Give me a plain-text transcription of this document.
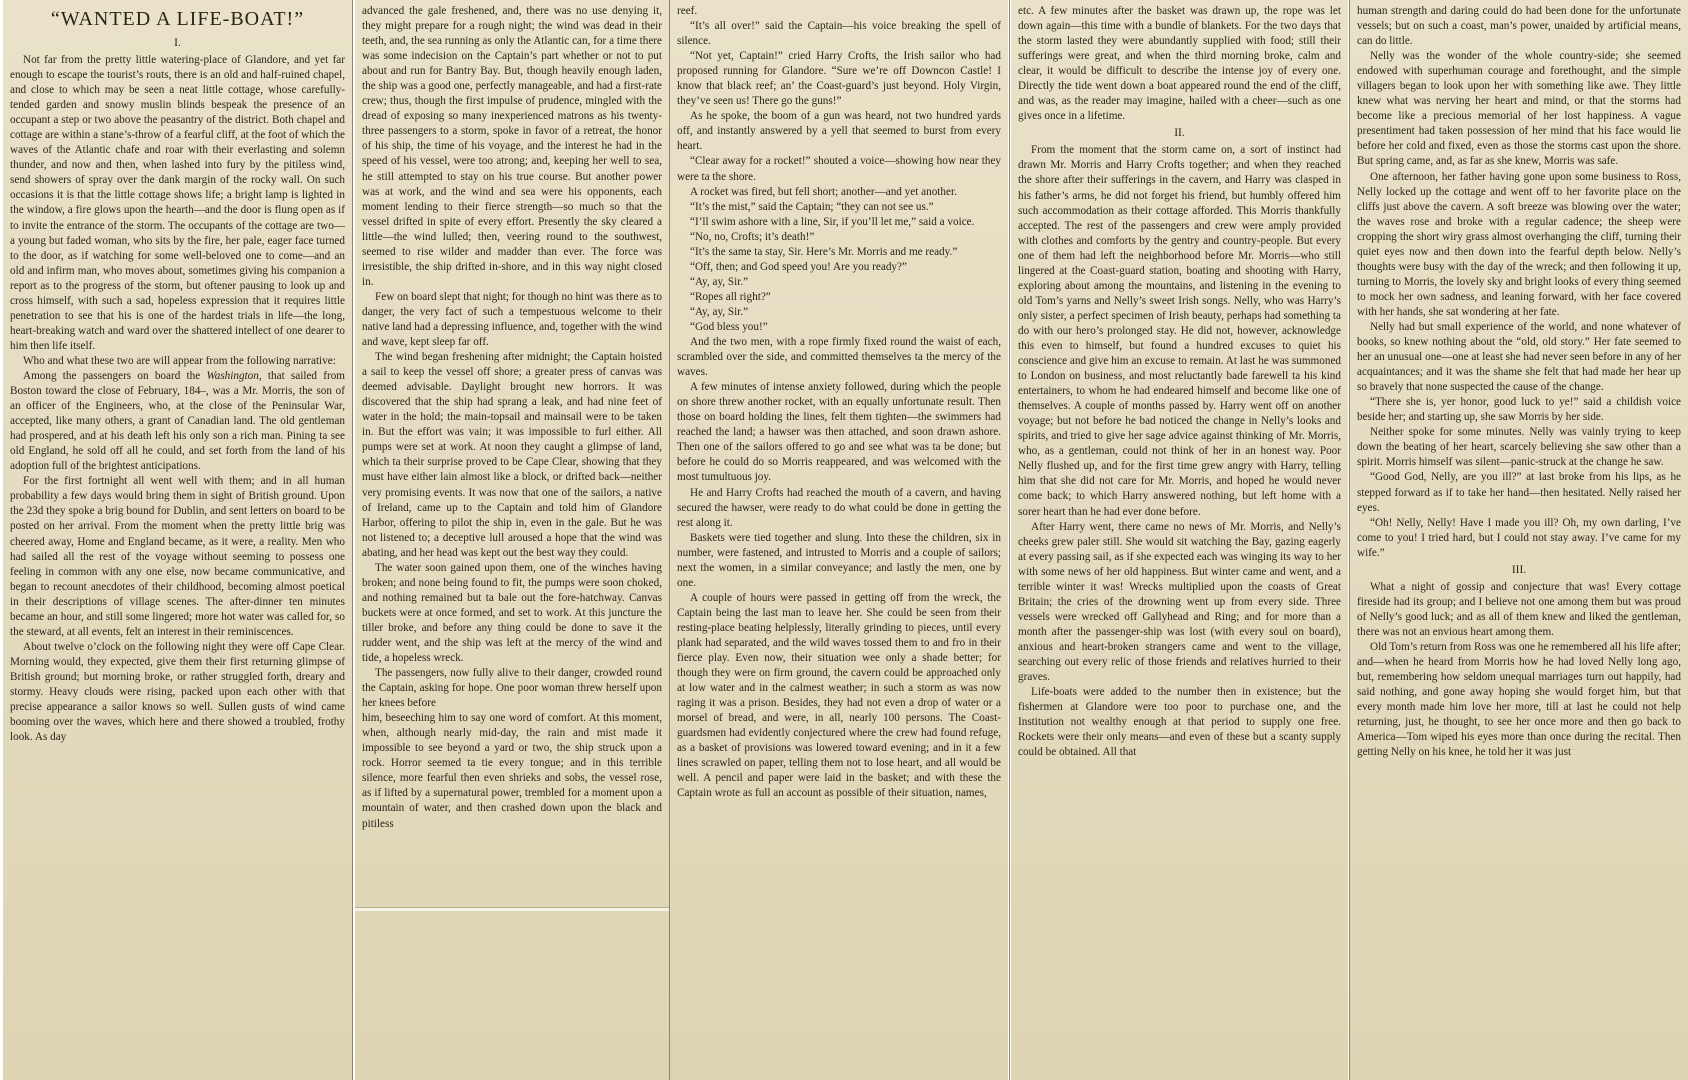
“WANTED A LIFE-BOAT!”
I.

Not far from the pretty little watering-place of Glandore, and yet far enough to escape the tourist’s routs, there is an old and half-ruined chapel, and close to which may be seen a neat little cottage, whose carefully-tended garden and snowy muslin blinds bespeak the presence of an occupant a step or two above the peasantry of the district. Both chapel and cottage are within a stane’s-throw of a fearful cliff, at the foot of which the waves of the Atlantic chafe and roar with their everlasting and solemn thunder, and now and then, when lashed into fury by the pitiless wind, send showers of spray over the dank margin of the rocky wall. On such occasions it is that the little cottage shows life; a bright lamp is lighted in the window, a fire glows upon the hearth—and the door is flung open as if to invite the entrance of the storm. The occupants of the cottage are two—a young but faded woman, who sits by the fire, her pale, eager face turned to the door, as if watching for some well-beloved one to come—and an old and infirm man, who moves about, sometimes giving his companion a report as to the progress of the storm, but oftener pausing to look up and cross himself, with such a sad, hopeless expression that it requires little penetration to see that his is one of the hardest trials in life—the long, heart-breaking watch and ward over the shattered intellect of one dearer to him then life itself.

Who and what these two are will appear from the following narrative:

Among the passengers on board the Washington, that sailed from Boston toward the close of February, 184–, was a Mr. Morris, the son of an officer of the Engineers, who, at the close of the Peninsular War, accepted, like many others, a grant of Canadian land. The old gentleman had prospered, and at his death left his only son a rich man. Pining ta see old England, he sold off all he could, and set forth from the land of his adoption full of the brightest anticipations.

For the first fortnight all went well with them; and in all human probability a few days would bring them in sight of British ground. Upon the 23d they spoke a brig bound for Dublin, and sent letters on board to be posted on her arrival. From the moment when the pretty little brig was cheered away, Home and England became, as it were, a reality. Men who had sailed all the rest of the voyage without seeming to possess one feeling in common with any one else, now became communicative, and began to recount anecdotes of their childhood, becoming almost poetical in their descriptions of village scenes. The after-dinner ten minutes became an hour, and still some lingered; more hot water was called for, so the steward, at all events, felt an interest in their reminiscences.

About twelve o’clock on the following night they were off Cape Clear. Morning would, they expected, give them their first returning glimpse of British ground; but morning broke, or rather struggled forth, dreary and stormy. Heavy clouds were rising, packed upon each other with that precise appearance a sailor knows so well. Sullen gusts of wind came booming over the waves, which here and there showed a troubled, frothy look. As day

advanced the gale freshened, and, there was no use denying it, they might prepare for a rough night; the wind was dead in their teeth, and, the sea running as only the Atlantic can, for a time there was some indecision on the Captain’s part whether or not to put about and run for Bantry Bay. But, though heavily enough laden, the ship was a good one, perfectly manageable, and had a first-rate crew; thus, though the first impulse of prudence, mingled with the dread of exposing so many inexperienced matrons as his twenty-three passengers to a storm, spoke in favor of a retreat, the honor of his ship, the time of his voyage, and the interest he had in the speed of his vessel, were too atrong; and, keeping her well to sea, he still attempted to stay on his true course. But another power was at work, and the wind and sea were his opponents, each moment lending to their fierce strength—so much so that the vessel drifted in spite of every effort. Presently the sky cleared a little—the wind lulled; then, veering round to the southwest, seemed to rise wilder and madder than ever. The force was irresistible, the ship drifted in-shore, and in this way night closed in.

Few on board slept that night; for though no hint was there as to danger, the very fact of such a tempestuous welcome to their native land had a depressing influence, and, together with the wind and wave, kept sleep far off.

The wind began freshening after midnight; the Captain hoisted a sail to keep the vessel off shore; a greater press of canvas was deemed advisable. Daylight brought new horrors. It was discovered that the ship had sprang a leak, and had nine feet of water in the hold; the main-topsail and mainsail were to be taken in. But the effort was vain; it was impossible to furl either. All pumps were set at work. At noon they caught a glimpse of land, which ta their surprise proved to be Cape Clear, showing that they must have either lain almost like a block, or drifted back—neither very promising events. It was now that one of the sailors, a native of Ireland, came up to the Captain and told him of Glandore Harbor, offering to pilot the ship in, even in the gale. But he was not listened to; a deceptive lull aroused a hope that the wind was abating, and her head was kept out the best way they could.

The water soon gained upon them, one of the winches having broken; and none being found to fit, the pumps were soon choked, and nothing remained but ta bale out the fore-hatchway. Canvas buckets were at once formed, and set to work. At this juncture the tiller broke, and before any thing could be done to save it the rudder went, and the ship was left at the mercy of the wind and tide, a hopeless wreck.

The passengers, now fully alive to their danger, crowded round the Captain, asking for hope. One poor woman threw herself upon her knees before

him, beseeching him to say one word of comfort. At this moment, when, although nearly mid-day, the rain and mist made it impossible to see beyond a yard or two, the ship struck upon a rock. Horror seemed ta tie every tongue; and in this terrible silence, more fearful then even shrieks and sobs, the vessel rose, as if lifted by a supernatural power, trembled for a moment upon a mountain of water, and then crashed down upon the black and pitiless

reef.

“It’s all over!” said the Captain—his voice breaking the spell of silence.

“Not yet, Captain!” cried Harry Crofts, the Irish sailor who had proposed running for Glandore. “Sure we’re off Downcon Castle! I know that black reef; an’ the Coast-guard’s just beyond. Holy Virgin, they’ve seen us! There go the guns!”

As he spoke, the boom of a gun was heard, not two hundred yards off, and instantly answered by a yell that seemed to burst from every heart.

“Clear away for a rocket!” shouted a voice—showing how near they were ta the shore.

A rocket was fired, but fell short; another—and yet another.

“It’s the mist,” said the Captain; “they can not see us.”

“I’ll swim ashore with a line, Sir, if you’ll let me,” said a voice.

“No, no, Crofts; it’s death!”

“It’s the same ta stay, Sir. Here’s Mr. Morris and me ready.”

“Off, then; and God speed you! Are you ready?”

“Ay, ay, Sir.”

“Ropes all right?”

“Ay, ay, Sir.”

“God bless you!”

And the two men, with a rope firmly fixed round the waist of each, scrambled over the side, and committed themselves ta the mercy of the waves.

A few minutes of intense anxiety followed, during which the people on shore threw another rocket, with an equally unfortunate result. Then those on board holding the lines, felt them tighten—the swimmers had reached the land; a hawser was then attached, and soon drawn ashore. Then one of the sailors offered to go and see what was ta be done; but before he could do so Morris reappeared, and was welcomed with the most tumultuous joy.

He and Harry Crofts had reached the mouth of a cavern, and having secured the hawser, were ready to do what could be done in getting the rest along it.

Baskets were tied together and slung. Into these the children, six in number, were fastened, and intrusted to Morris and a couple of sailors; next the women, in a similar conveyance; and lastly the men, one by one.

A couple of hours were passed in getting off from the wreck, the Captain being the last man to leave her. She could be seen from their resting-place beating helplessly, literally grinding to pieces, until every plank had separated, and the wild waves tossed them to and fro in their fierce play. Even now, their situation wee only a shade better; for though they were on firm ground, the cavern could be approached only at low water and in the calmest weather; in such a storm as was now raging it was a prison. Besides, they had not even a drop of water or a morsel of bread, and were, in all, nearly 100 persons. The Coast-guardsmen had evidently conjectured where the crew had found refuge, as a basket of provisions was lowered toward evening; and in it a few lines scrawled on paper, telling them not to lose heart, and all would be well. A pencil and paper were laid in the basket; and with these the Captain wrote as full an account as possible of their situation, names,

etc. A few minutes after the basket was drawn up, the rope was let down again—this time with a bundle of blankets. For the two days that the storm lasted they were abundantly supplied with food; still their sufferings were great, and when the third morning broke, calm and clear, it would be difficult to describe the intense joy of every one. Directly the tide went down a boat appeared round the end of the cliff, and was, as the reader may imagine, hailed with a cheer—such as one gives once in a lifetime.

II.

From the moment that the storm came on, a sort of instinct had drawn Mr. Morris and Harry Crofts together; and when they reached the shore after their sufferings in the cavern, and Harry was clasped in his father’s arms, he did not forget his friend, but humbly offered him such accommodation as their cottage afforded. This Morris thankfully accepted. The rest of the passengers and crew were amply provided with clothes and comforts by the gentry and country-people. But every one of them had left the neighborhood before Mr. Morris—who still lingered at the Coast-guard station, boating and shooting with Harry, exploring about among the mountains, and listening in the evening to old Tom’s yarns and Nelly’s sweet Irish songs. Nelly, who was Harry’s only sister, a perfect specimen of Irish beauty, perhaps had something ta do with our hero’s prolonged stay. He did not, however, acknowledge this even to himself, but found a hundred excuses to quiet his conscience and give him an excuse to remain. At last he was summoned to London on business, and most reluctantly bade farewell ta his kind entertainers, to whom he had endeared himself and become like one of themselves. A couple of months passed by. Harry went off on another voyage; but not before he bad noticed the change in Nelly’s looks and spirits, and tried to give her sage advice against thinking of Mr. Morris, who, as a gentleman, could not think of her in an honest way. Poor Nelly flushed up, and for the first time grew angry with Harry, telling him that she did not care for Mr. Morris, and hoped he would never come back; to which Harry answered nothing, but left home with a sorer heart than he had ever done before.

After Harry went, there came no news of Mr. Morris, and Nelly’s cheeks grew paler still. She would sit watching the Bay, gazing eagerly at every passing sail, as if she expected each was winging its way to her with some news of her old happiness. But winter came and went, and a terrible winter it was! Wrecks multiplied upon the coasts of Great Britain; the cries of the drowning went up from every side. Three vessels were wrecked off Gallyhead and Ring; and for more than a month after the passenger-ship was lost (with every soul on board), anxious and heart-broken strangers came and went to the village, searching out every relic of those friends and relatives hurried to their graves.

Life-boats were added to the number then in existence; but the fishermen at Glandore were too poor to purchase one, and the Institution not wealthy enough at that period to supply one free. Rockets were their only means—and even of these but a scanty supply could be obtained. All that

human strength and daring could do had been done for the unfortunate vessels; but on such a coast, man’s power, unaided by artificial means, can do little.

Nelly was the wonder of the whole country-side; she seemed endowed with superhuman courage and forethought, and the simple villagers began to look upon her with something like awe. They little knew what was nerving her heart and mind, or that the storms had become like a precious memorial of her lost happiness. A vague presentiment had taken possession of her mind that his face would lie before her cold and fixed, even as those the storms cast upon the shore. But spring came, and, as far as she knew, Morris was safe.

One afternoon, her father having gone upon some business to Ross, Nelly locked up the cottage and went off to her favorite place on the cliffs just above the cavern. A soft breeze was blowing over the water; the waves rose and broke with a regular cadence; the sheep were cropping the short wiry grass almost overhanging the cliff, turning their quiet eyes now and then down into the fearful depth below. Nelly’s thoughts were busy with the day of the wreck; and then following it up, turning to Morris, the lovely sky and bright looks of every thing seemed to mock her own sadness, and leaning forward, with her face covered with her hands, she sat wondering at her fate.

Nelly had but small experience of the world, and none whatever of books, so knew nothing about the “old, old story.” Her fate seemed to her an unusual one—one at least she had never seen before in any of her acquaintances; and it was the shame she felt that had made her hear up so bravely that none suspected the cause of the change.

“There she is, yer honor, good luck to ye!” said a childish voice beside her; and starting up, she saw Morris by her side.

Neither spoke for some minutes. Nelly was vainly trying to keep down the beating of her heart, scarcely believing she saw other than a spirit. Morris himself was silent—panic-struck at the change he saw.

“Good God, Nelly, are you ill?” at last broke from his lips, as he stepped forward as if to take her hand—then hesitated. Nelly raised her eyes.

“Oh! Nelly, Nelly! Have I made you ill? Oh, my own darling, I’ve come to you! I tried hard, but I could not stay away. I’ve came for my wife.”

III.

What a night of gossip and conjecture that was! Every cottage fireside had its group; and I believe not one among them but was proud of Nelly’s good luck; and as all of them knew and liked the gentleman, there was not an envious heart among them.

Old Tom’s return from Ross was one he remembered all his life after; and—when he heard from Morris how he had loved Nelly long ago, but, remembering how seldom unequal marriages turn out happily, had said nothing, and gone away hoping she would forget him, but that every month made him love her more, till at last he could not help returning, just, he thought, to see her once more and then go back to America—Tom wiped his eyes more than once during the recital. Then getting Nelly on his knee, he told her it was just
